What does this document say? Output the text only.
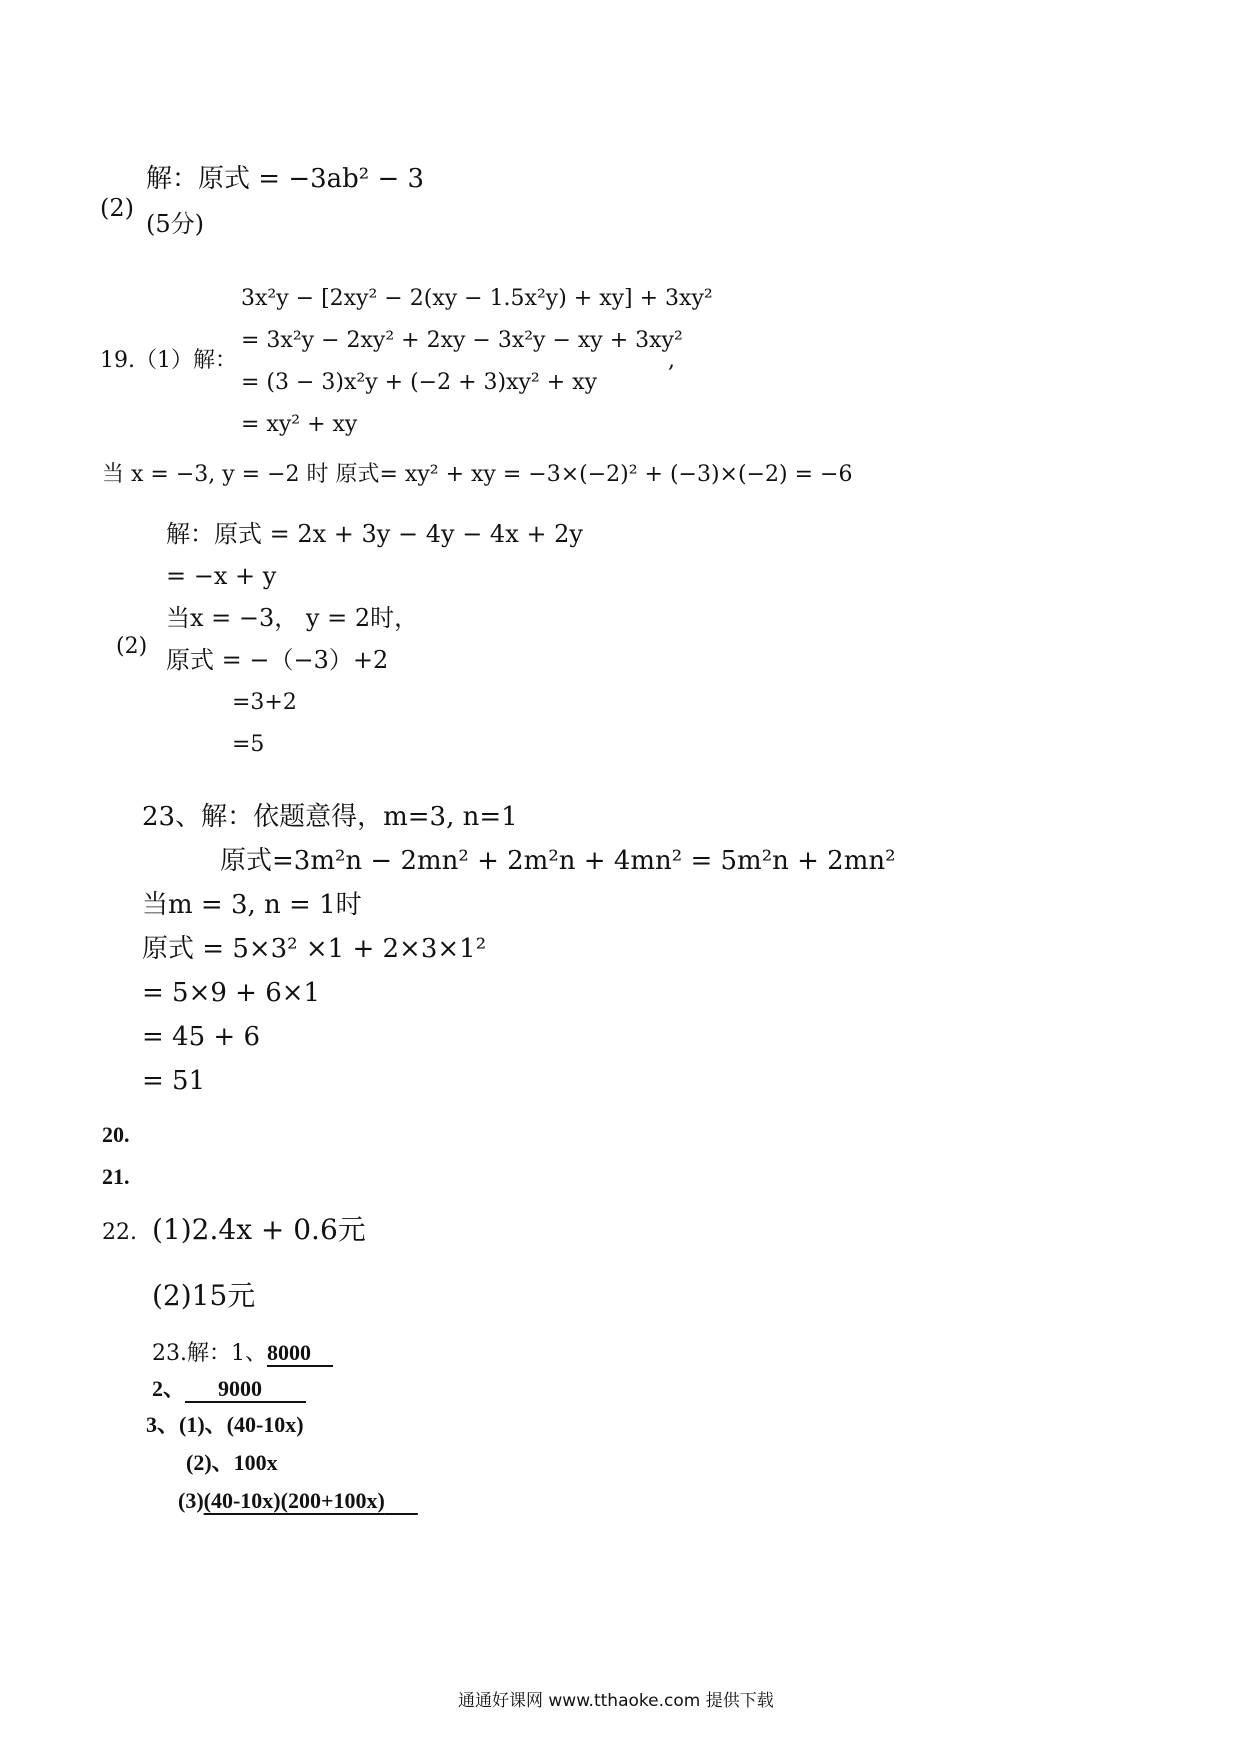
(2)
解：原式 = −3ab² − 3
(5分)
19.（1）解：
3x²y − [2xy² − 2(xy − 1.5x²y) + xy] + 3xy²
= 3x²y − 2xy² + 2xy − 3x²y − xy + 3xy²
= (3 − 3)x²y + (−2 + 3)xy² + xy
= xy² + xy
,
当 x = −3, y = −2 时 原式= xy² + xy = −3×(−2)² + (−3)×(−2) = −6
(2)
解：原式 = 2x + 3y − 4y − 4x + 2y
= −x + y
当x = −3， y = 2时，
原式 = −（−3）+2
=3+2
=5
23、解：依题意得，m=3, n=1
原式=3m²n − 2mn² + 2m²n + 4mn² = 5m²n + 2mn²
当m = 3, n = 1时
原式 = 5×3² ×1 + 2×3×1²
= 5×9 + 6×1
= 45 + 6
= 51
20.
21.
22. (1)2.4x + 0.6元
(2)15元
23.解：1、8000 
2、   9000  
3、(1)、(40-10x)
(2)、100x
(3)(40-10x)(200+100x)  
通通好课网 www.tthaoke.com 提供下载
